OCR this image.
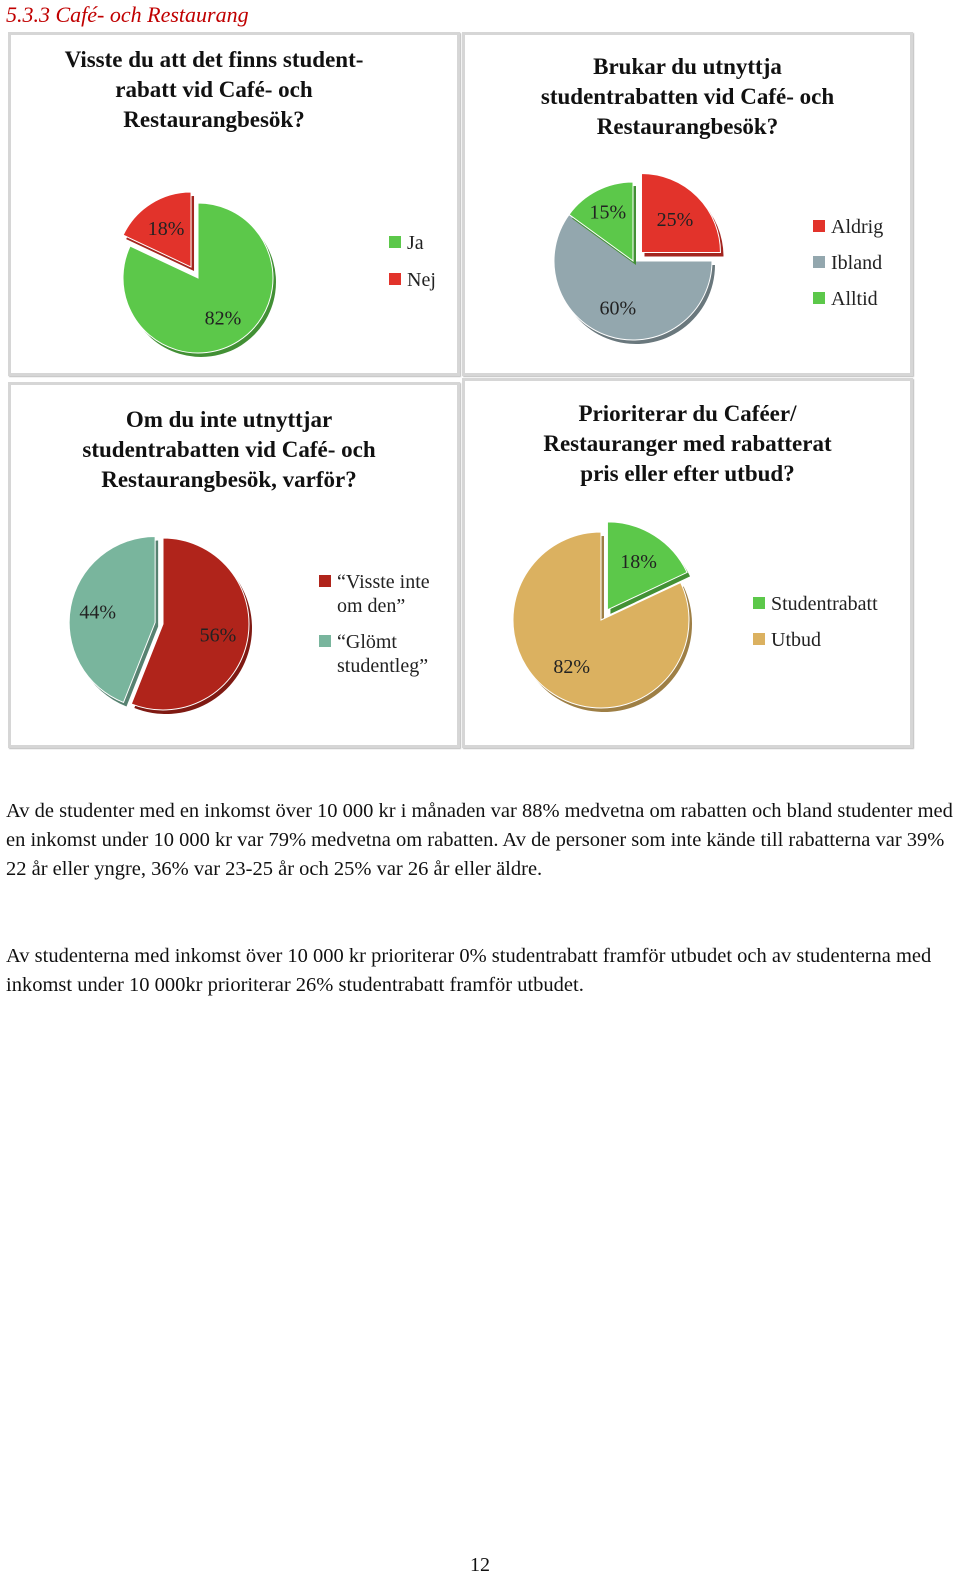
5.3.3 Café- och Restaurang

Visste du att det finns student-
rabatt vid Café- och
Restaurangbesök?

82%
18%
Ja
Nej

Brukar du utnyttja
studentrabatten vid Café- och
Restaurangbesök?

25%
60%
15%
Aldrig
Ibland
Alltid

Om du inte utnyttjar
studentrabatten vid Café- och
Restaurangbesök, varför?

56%
44%
“Visste inte
om den”
“Glömt
studentleg”

Prioriterar du Caféer/
Restauranger med rabatterat
pris eller efter utbud?

18%
82%
Studentrabatt
Utbud

Av de studenter med en inkomst över 10 000 kr i månaden var 88% medvetna om rabatten och bland studenter med en inkomst under 10 000 kr var 79% medvetna om rabatten. Av de personer som inte kände till rabatterna var 39% 22 år eller yngre, 36% var 23-25 år och 25% var 26 år eller äldre.

Av studenterna med inkomst över 10 000 kr prioriterar 0% studentrabatt framför utbudet och av studenterna med inkomst under 10 000kr prioriterar 26% studentrabatt framför utbudet.

12
